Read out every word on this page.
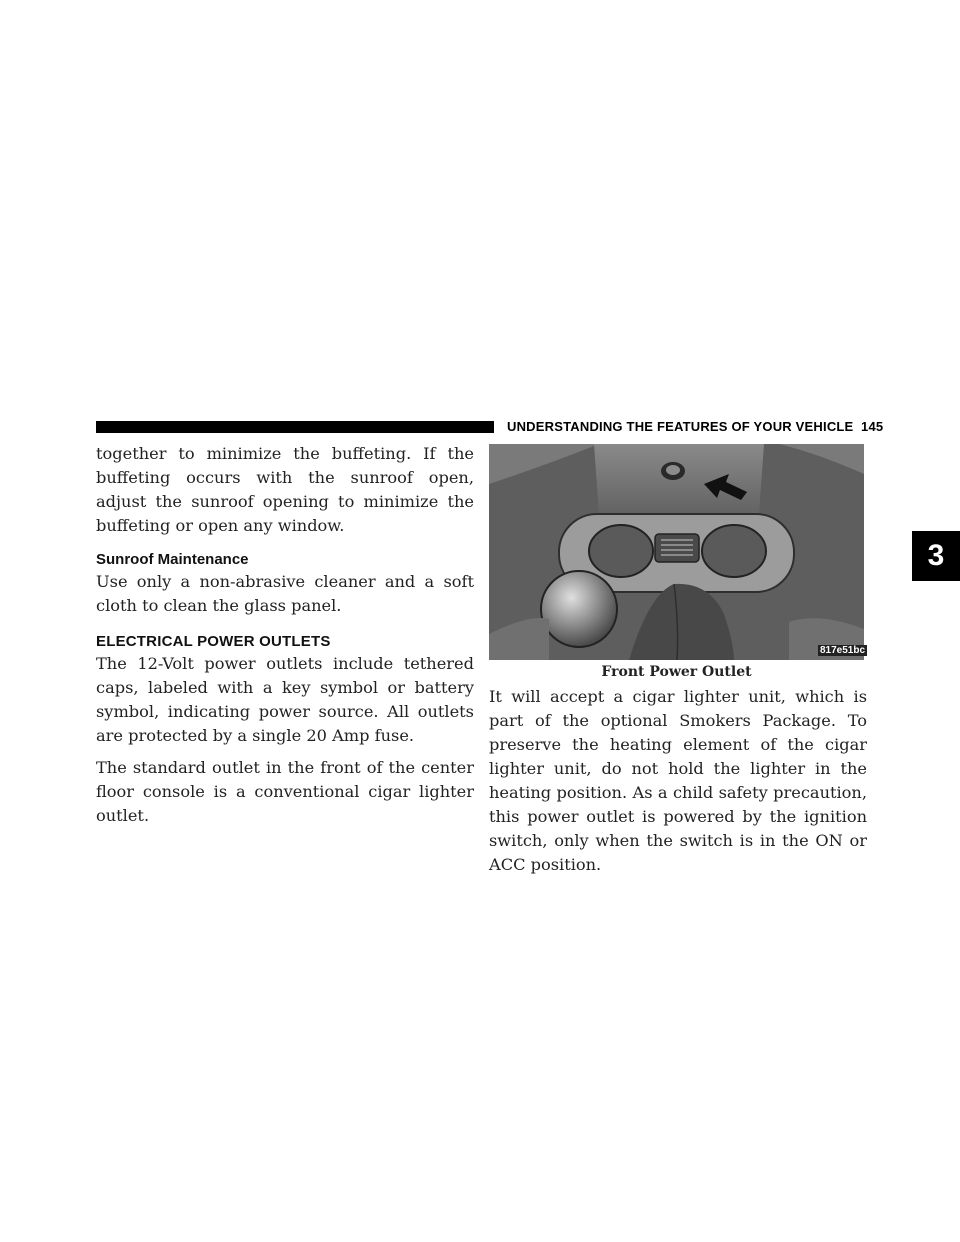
UNDERSTANDING THE FEATURES OF YOUR VEHICLE 145
3

together to minimize the buffeting. If the buffeting occurs with the sunroof open, adjust the sunroof opening to minimize the buffeting or open any window.

Sunroof Maintenance

Use only a non-abrasive cleaner and a soft cloth to clean the glass panel.

ELECTRICAL POWER OUTLETS

The 12-Volt power outlets include tethered caps, labeled with a key symbol or battery symbol, indicating power source. All outlets are protected by a single 20 Amp fuse.

The standard outlet in the front of the center floor console is a conventional cigar lighter outlet.

817e51bc
Front Power Outlet

It will accept a cigar lighter unit, which is part of the optional Smokers Package. To preserve the heating element of the cigar lighter unit, do not hold the lighter in the heating position. As a child safety precaution, this power outlet is powered by the ignition switch, only when the switch is in the ON or ACC position.
